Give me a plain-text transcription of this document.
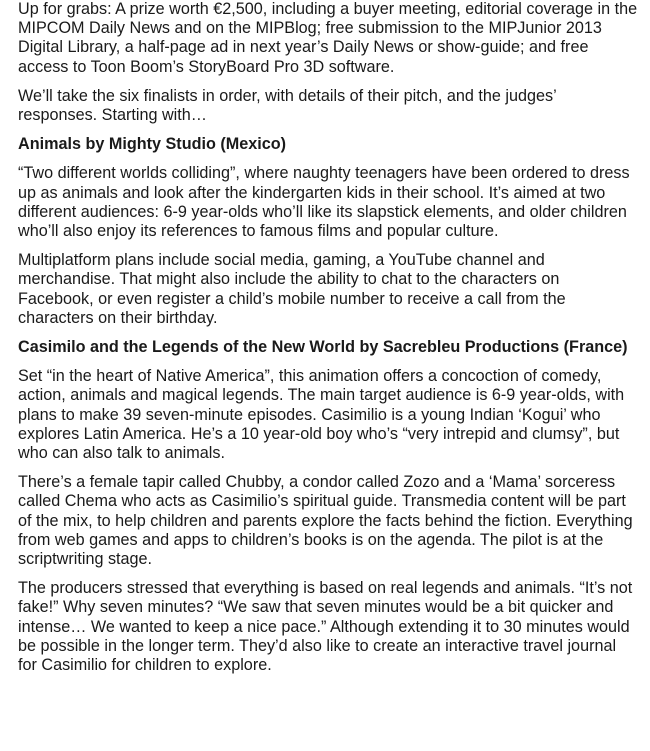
Up for grabs: A prize worth €2,500, including a buyer meeting, editorial coverage in the MIPCOM Daily News and on the MIPBlog; free submission to the MIPJunior 2013 Digital Library, a half-page ad in next year’s Daily News or show-guide; and free access to Toon Boom’s StoryBoard Pro 3D software.

We’ll take the six finalists in order, with details of their pitch, and the judges’ responses. Starting with…

Animals by Mighty Studio (Mexico)

“Two different worlds colliding”, where naughty teenagers have been ordered to dress up as animals and look after the kindergarten kids in their school. It’s aimed at two different audiences: 6-9 year-olds who’ll like its slapstick elements, and older children who’ll also enjoy its references to famous films and popular culture.

Multiplatform plans include social media, gaming, a YouTube channel and merchandise. That might also include the ability to chat to the characters on Facebook, or even register a child’s mobile number to receive a call from the characters on their birthday.

Casimilo and the Legends of the New World by Sacrebleu Productions (France)

Set “in the heart of Native America”, this animation offers a concoction of comedy, action, animals and magical legends. The main target audience is 6-9 year-olds, with plans to make 39 seven-minute episodes. Casimilio is a young Indian ‘Kogui’ who explores Latin America. He’s a 10 year-old boy who’s “very intrepid and clumsy”, but who can also talk to animals.

There’s a female tapir called Chubby, a condor called Zozo and a ‘Mama’ sorceress called Chema who acts as Casimilio’s spiritual guide. Transmedia content will be part of the mix, to help children and parents explore the facts behind the fiction. Everything from web games and apps to children’s books is on the agenda. The pilot is at the scriptwriting stage.

The producers stressed that everything is based on real legends and animals. “It’s not fake!” Why seven minutes? “We saw that seven minutes would be a bit quicker and intense… We wanted to keep a nice pace.” Although extending it to 30 minutes would be possible in the longer term. They’d also like to create an interactive travel journal for Casimilio for children to explore.
